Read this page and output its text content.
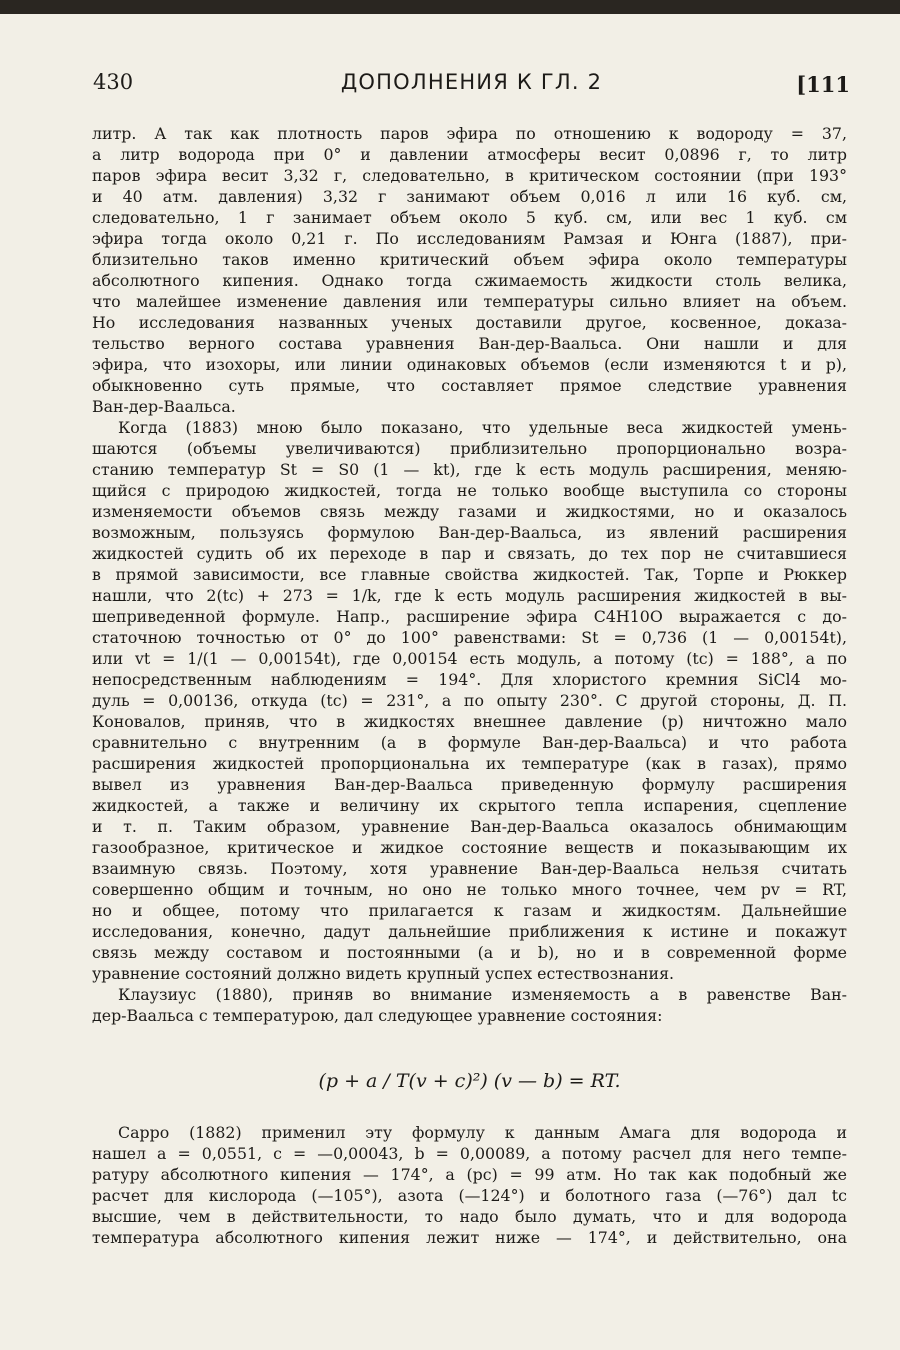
430	ДОПОЛНЕНИЯ К ГЛ. 2	[111
литр. А так как плотность паров эфира по отношению к водороду = 37,
а литр водорода при 0° и давлении атмосферы весит 0,0896 г, то литр
паров эфира весит 3,32 г, следовательно, в критическом состоянии (при 193°
и 40 атм. давления) 3,32 г занимают объем 0,016 л или 16 куб. см,
следовательно, 1 г занимает объем около 5 куб. см, или вес 1 куб. см
эфира тогда около 0,21 г. По исследованиям Рамзая и Юнга (1887), при-
близительно таков именно критический объем эфира около температуры
абсолютного кипения. Однако тогда сжимаемость жидкости столь велика,
что малейшее изменение давления или температуры сильно влияет на объем.
Но исследования названных ученых доставили другое, косвенное, доказа-
тельство верного состава уравнения Ван-дер-Ваальса. Они нашли и для
эфира, что изохоры, или линии одинаковых объемов (если изменяются t и p),
обыкновенно суть прямые, что составляет прямое следствие уравнения
Ван-дер-Ваальса.
Когда (1883) мною было показано, что удельные веса жидкостей умень-
шаются (объемы увеличиваются) приблизительно пропорционально возра-
станию температур St = S0 (1 — kt), где k есть модуль расширения, меняю-
щийся с природою жидкостей, тогда не только вообще выступила со стороны
изменяемости объемов связь между газами и жидкостями, но и оказалось
возможным, пользуясь формулою Ван-дер-Ваальса, из явлений расширения
жидкостей судить об их переходе в пар и связать, до тех пор не считавшиеся
в прямой зависимости, все главные свойства жидкостей. Так, Торпе и Рюккер
нашли, что 2(tc) + 273 = 1/k, где k есть модуль расширения жидкостей в вы-
шеприведенной формуле. Напр., расширение эфира C4H10O выражается с до-
статочною точностью от 0° до 100° равенствами: St = 0,736 (1 — 0,00154t),
или vt = 1/(1 — 0,00154t), где 0,00154 есть модуль, а потому (tc) = 188°, а по
непосредственным наблюдениям = 194°. Для хлористого кремния SiCl4 мо-
дуль = 0,00136, откуда (tc) = 231°, а по опыту 230°. С другой стороны, Д. П.
Коновалов, приняв, что в жидкостях внешнее давление (p) ничтожно мало
сравнительно с внутренним (a в формуле Ван-дер-Ваальса) и что работа
расширения жидкостей пропорциональна их температуре (как в газах), прямо
вывел из уравнения Ван-дер-Ваальса приведенную формулу расширения
жидкостей, а также и величину их скрытого тепла испарения, сцепление
и т. п. Таким образом, уравнение Ван-дер-Ваальса оказалось обнимающим
газообразное, критическое и жидкое состояние веществ и показывающим их
взаимную связь. Поэтому, хотя уравнение Ван-дер-Ваальса нельзя считать
совершенно общим и точным, но оно не только много точнее, чем pv = RT,
но и общее, потому что прилагается к газам и жидкостям. Дальнейшие
исследования, конечно, дадут дальнейшие приближения к истине и покажут
связь между составом и постоянными (a и b), но и в современной форме
уравнение состояний должно видеть крупный успех естествознания.
Клаузиус (1880), приняв во внимание изменяемость a в равенстве Ван-
дер-Ваальса с температурою, дал следующее уравнение состояния:
(p + a / T(v + c)²) (v — b) = RT.
Сарро (1882) применил эту формулу к данным Амага для водорода и
нашел a = 0,0551, c = —0,00043, b = 0,00089, а потому расчел для него темпе-
ратуру абсолютного кипения — 174°, а (pc) = 99 атм. Но так как подобный же
расчет для кислорода (—105°), азота (—124°) и болотного газа (—76°) дал tc
высшие, чем в действительности, то надо было думать, что и для водорода
температура абсолютного кипения лежит ниже — 174°, и действительно, она
